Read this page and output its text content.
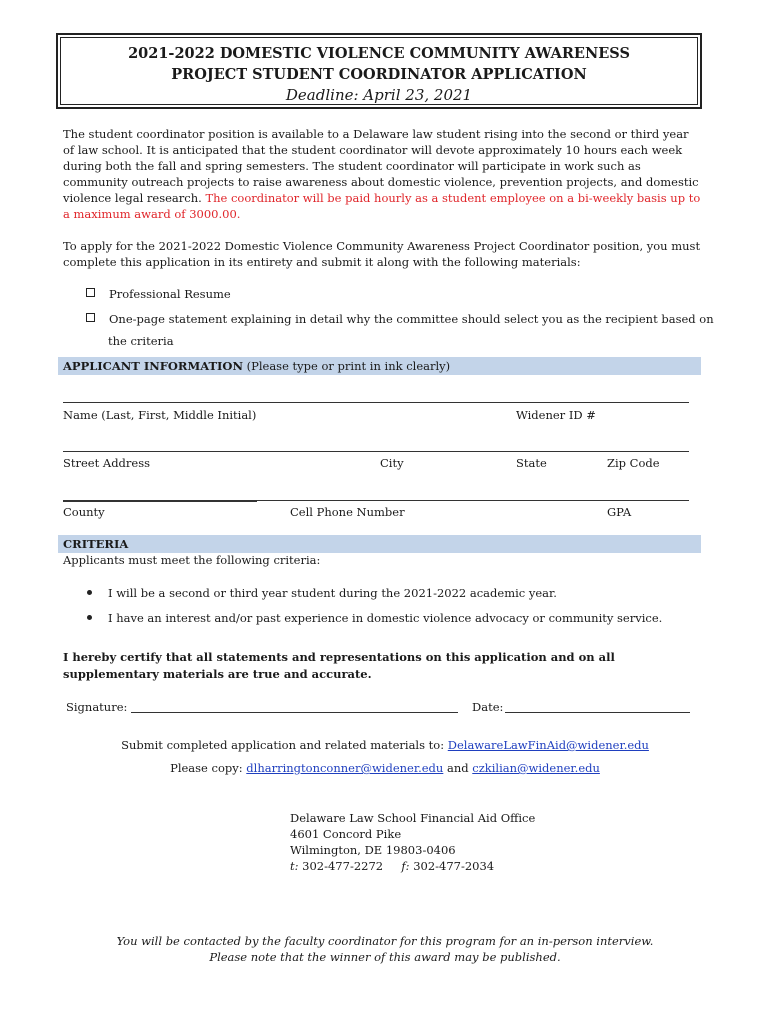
2021-2022 DOMESTIC VIOLENCE COMMUNITY AWARENESS
PROJECT STUDENT COORDINATOR APPLICATION
Deadline: April 23, 2021
The student coordinator position is available to a Delaware law student rising into the second or third year of law school. It is anticipated that the student coordinator will devote approximately 10 hours each week during both the fall and spring semesters. The student coordinator will participate in work such as community outreach projects to raise awareness about domestic violence, prevention projects, and domestic violence legal research. The coordinator will be paid hourly as a student employee on a bi-weekly basis up to a maximum award of 3000.00.
To apply for the 2021-2022 Domestic Violence Community Awareness Project Coordinator position, you must complete this application in its entirety and submit it along with the following materials:
Professional Resume
One-page statement explaining in detail why the committee should select you as the recipient based on
the criteria
APPLICANT INFORMATION (Please type or print in ink clearly)
Name (Last, First, Middle Initial)	Widener ID #
Street Address	City	State	Zip Code
County	Cell Phone Number	GPA
CRITERIA
Applicants must meet the following criteria:
I will be a second or third year student during the 2021-2022 academic year.
I have an interest and/or past experience in domestic violence advocacy or community service.
I hereby certify that all statements and representations on this application and on all supplementary materials are true and accurate.
Signature:	Date:
Submit completed application and related materials to: DelawareLawFinAid@widener.edu
Please copy: dlharringtonconner@widener.edu and czkilian@widener.edu
Delaware Law School Financial Aid Office
4601 Concord Pike
Wilmington, DE 19803-0406
t: 302-477-2272 f: 302-477-2034
You will be contacted by the faculty coordinator for this program for an in-person interview.
Please note that the winner of this award may be published.
